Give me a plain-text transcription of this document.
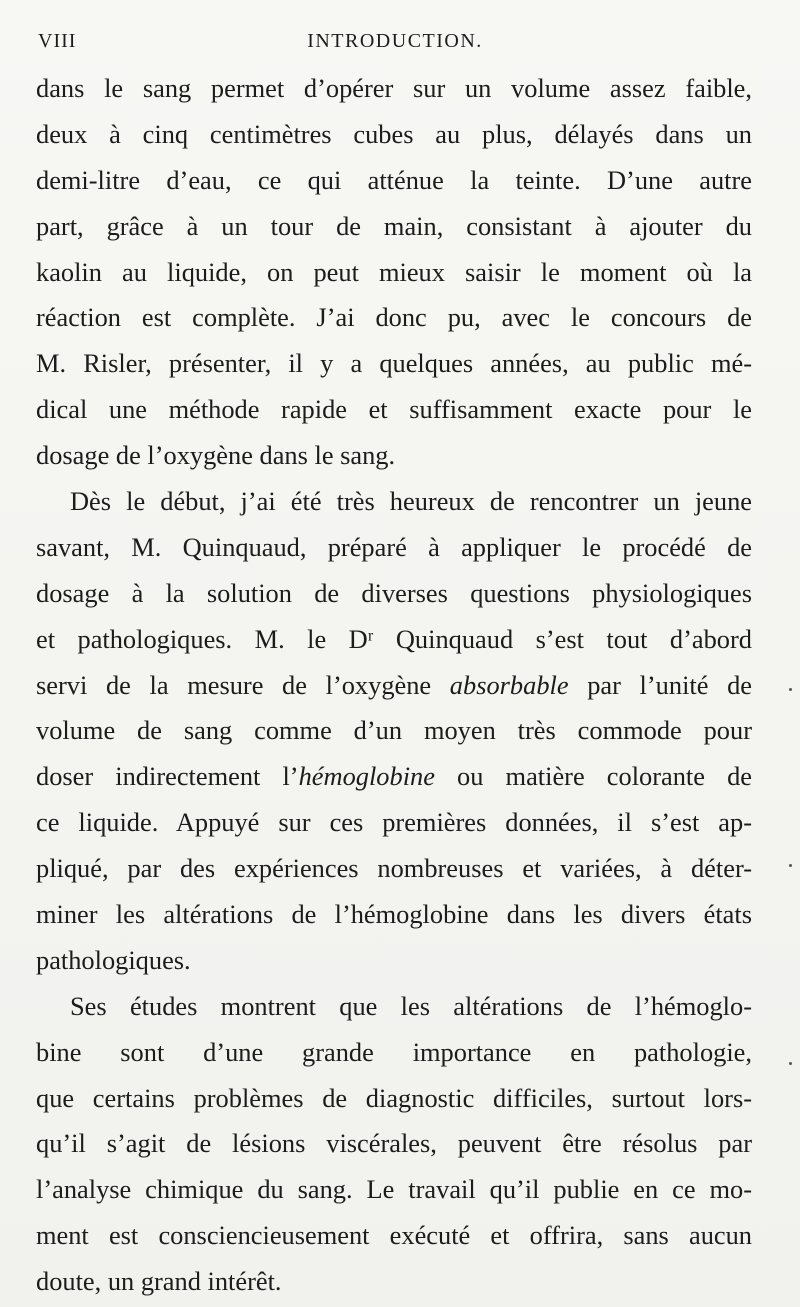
VIII	INTRODUCTION.
dans le sang permet d’opérer sur un volume assez faible,
deux à cinq centimètres cubes au plus, délayés dans un
demi-litre d’eau, ce qui atténue la teinte. D’une autre
part, grâce à un tour de main, consistant à ajouter du
kaolin au liquide, on peut mieux saisir le moment où la
réaction est complète. J’ai donc pu, avec le concours de
M. Risler, présenter, il y a quelques années, au public mé-
dical une méthode rapide et suffisamment exacte pour le
dosage de l’oxygène dans le sang.
Dès le début, j’ai été très heureux de rencontrer un jeune
savant, M. Quinquaud, préparé à appliquer le procédé de
dosage à la solution de diverses questions physiologiques
et pathologiques. M. le Dʳ Quinquaud s’est tout d’abord
servi de la mesure de l’oxygène absorbable par l’unité de
volume de sang comme d’un moyen très commode pour
doser indirectement l’hémoglobine ou matière colorante de
ce liquide. Appuyé sur ces premières données, il s’est ap-
pliqué, par des expériences nombreuses et variées, à déter-
miner les altérations de l’hémoglobine dans les divers états
pathologiques.
Ses études montrent que les altérations de l’hémoglo-
bine sont d’une grande importance en pathologie,
que certains problèmes de diagnostic difficiles, surtout lors-
qu’il s’agit de lésions viscérales, peuvent être résolus par
l’analyse chimique du sang. Le travail qu’il publie en ce mo-
ment est consciencieusement exécuté et offrira, sans aucun
doute, un grand intérêt.
